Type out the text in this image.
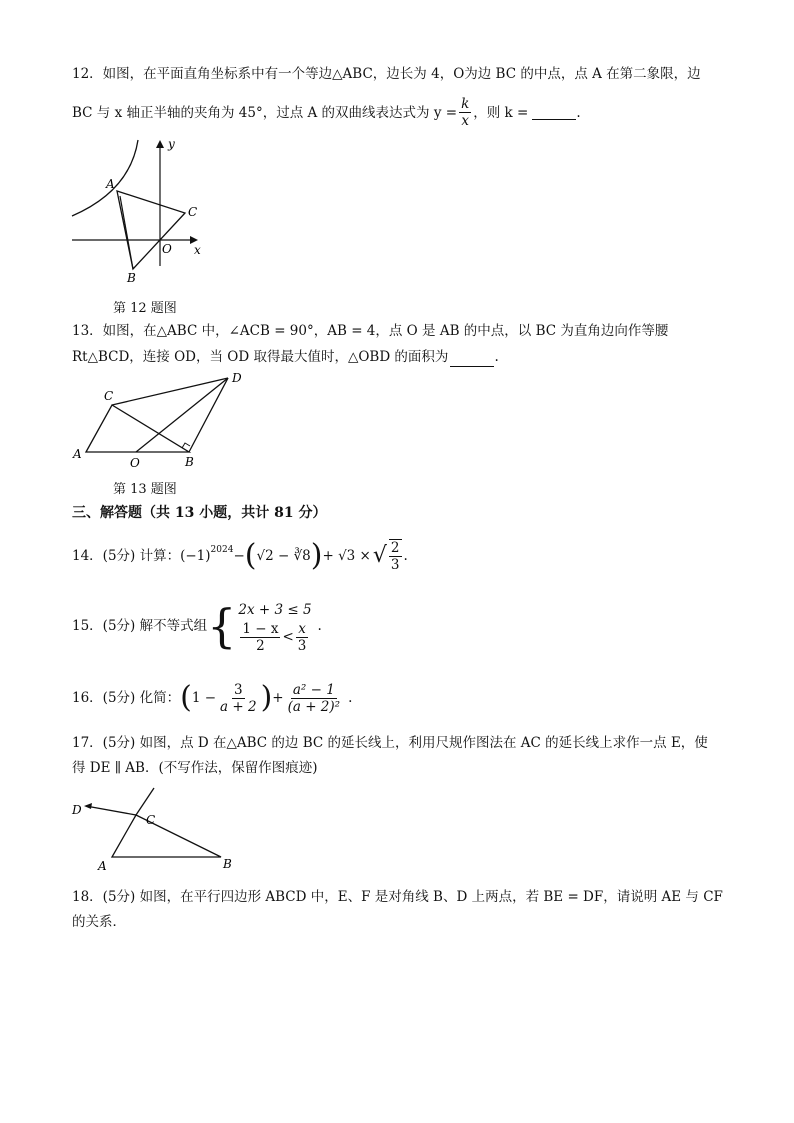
12．如图，在平面直角坐标系中有一个等边△ABC，边长为 4，O为边 BC 的中点，点 A 在第二象限，边
BC 与 x 轴正半轴的夹角为 45°，过点 A 的双曲线表达式为 $y = \frac{k}{x}$ ，则 k =	.
A
B
C
O x
y
第 12 题图
13．如图，在△ABC 中，∠ACB = 90°，AB = 4，点 O 是 AB 的中点，以 BC 为直角边向作等腰
Rt△BCD，连接 OD，当 OD 取得最大值时，△OBD 的面积为	.
A
B
C
D
O
第 13 题图
三、解答题（共 13 小题，共计 81 分）
14．(5分) 计算： $(-1)^{2024}$ − ( √2 − ∛8 ) + √3 × √ $\frac{2}{3}$ .
15．(5分) 解不等式组 { 2x + 3 ≤ 5
$\frac{1 - x}{2} < \frac{x}{3}$ .
16．(5分) 化简： ( $1 - \frac{3}{a + 2}$ ) + $\frac{\text{a² − 1}}{\text{(a + 2)²}}$ .
17．(5分) 如图，点 D 在△ABC 的边 BC 的延长线上，利用尺规作图法在 AC 的延长线上求作一点 E，使
得 DE ∥ AB．(不写作法，保留作图痕迹)
D
C
A	B
18．(5分) 如图，在平行四边形 ABCD 中，E、F 是对角线 B、D 上两点，若 BE = DF，请说明 AE 与 CF
的关系．
